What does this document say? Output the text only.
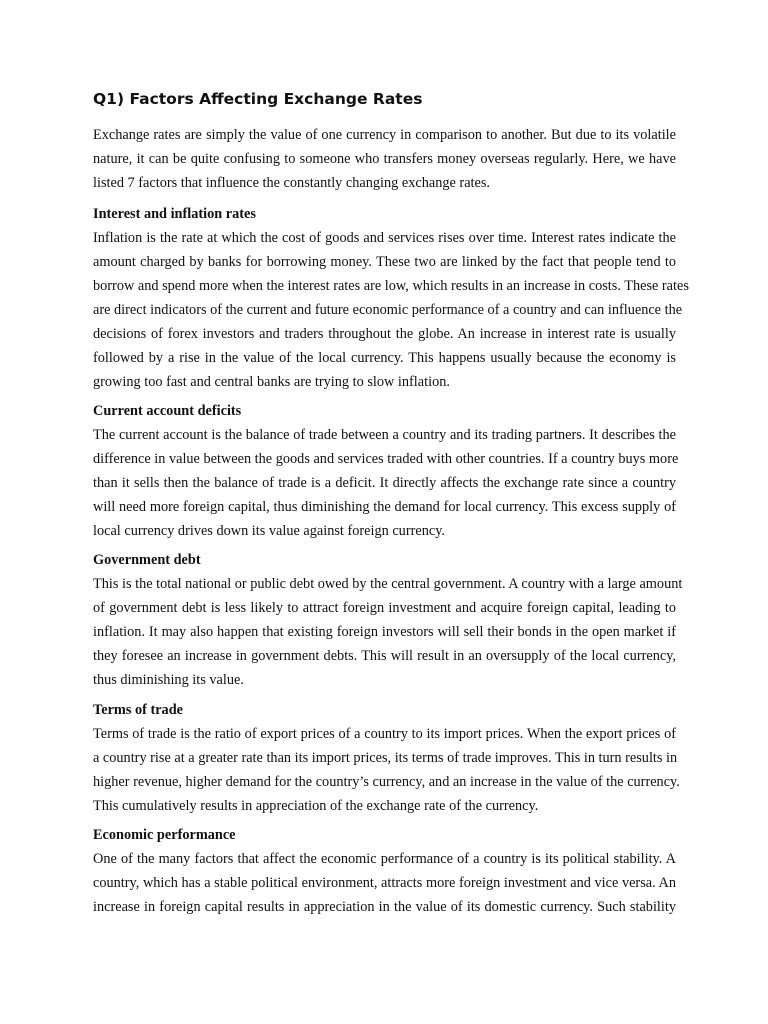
Q1) Factors Affecting Exchange Rates

Exchange rates are simply the value of one currency in comparison to another. But due to its volatile
nature, it can be quite confusing to someone who transfers money overseas regularly. Here, we have
listed 7 factors that influence the constantly changing exchange rates.

Interest and inflation rates

Inflation is the rate at which the cost of goods and services rises over time. Interest rates indicate the
amount charged by banks for borrowing money. These two are linked by the fact that people tend to
borrow and spend more when the interest rates are low, which results in an increase in costs. These rates
are direct indicators of the current and future economic performance of a country and can influence the
decisions of forex investors and traders throughout the globe. An increase in interest rate is usually
followed by a rise in the value of the local currency. This happens usually because the economy is
growing too fast and central banks are trying to slow inflation.

Current account deficits

The current account is the balance of trade between a country and its trading partners. It describes the
difference in value between the goods and services traded with other countries. If a country buys more
than it sells then the balance of trade is a deficit. It directly affects the exchange rate since a country
will need more foreign capital, thus diminishing the demand for local currency. This excess supply of
local currency drives down its value against foreign currency.

Government debt

This is the total national or public debt owed by the central government. A country with a large amount
of government debt is less likely to attract foreign investment and acquire foreign capital, leading to
inflation. It may also happen that existing foreign investors will sell their bonds in the open market if
they foresee an increase in government debts. This will result in an oversupply of the local currency,
thus diminishing its value.

Terms of trade

Terms of trade is the ratio of export prices of a country to its import prices. When the export prices of
a country rise at a greater rate than its import prices, its terms of trade improves. This in turn results in
higher revenue, higher demand for the country’s currency, and an increase in the value of the currency.
This cumulatively results in appreciation of the exchange rate of the currency.

Economic performance

One of the many factors that affect the economic performance of a country is its political stability. A
country, which has a stable political environment, attracts more foreign investment and vice versa. An
increase in foreign capital results in appreciation in the value of its domestic currency. Such stability
